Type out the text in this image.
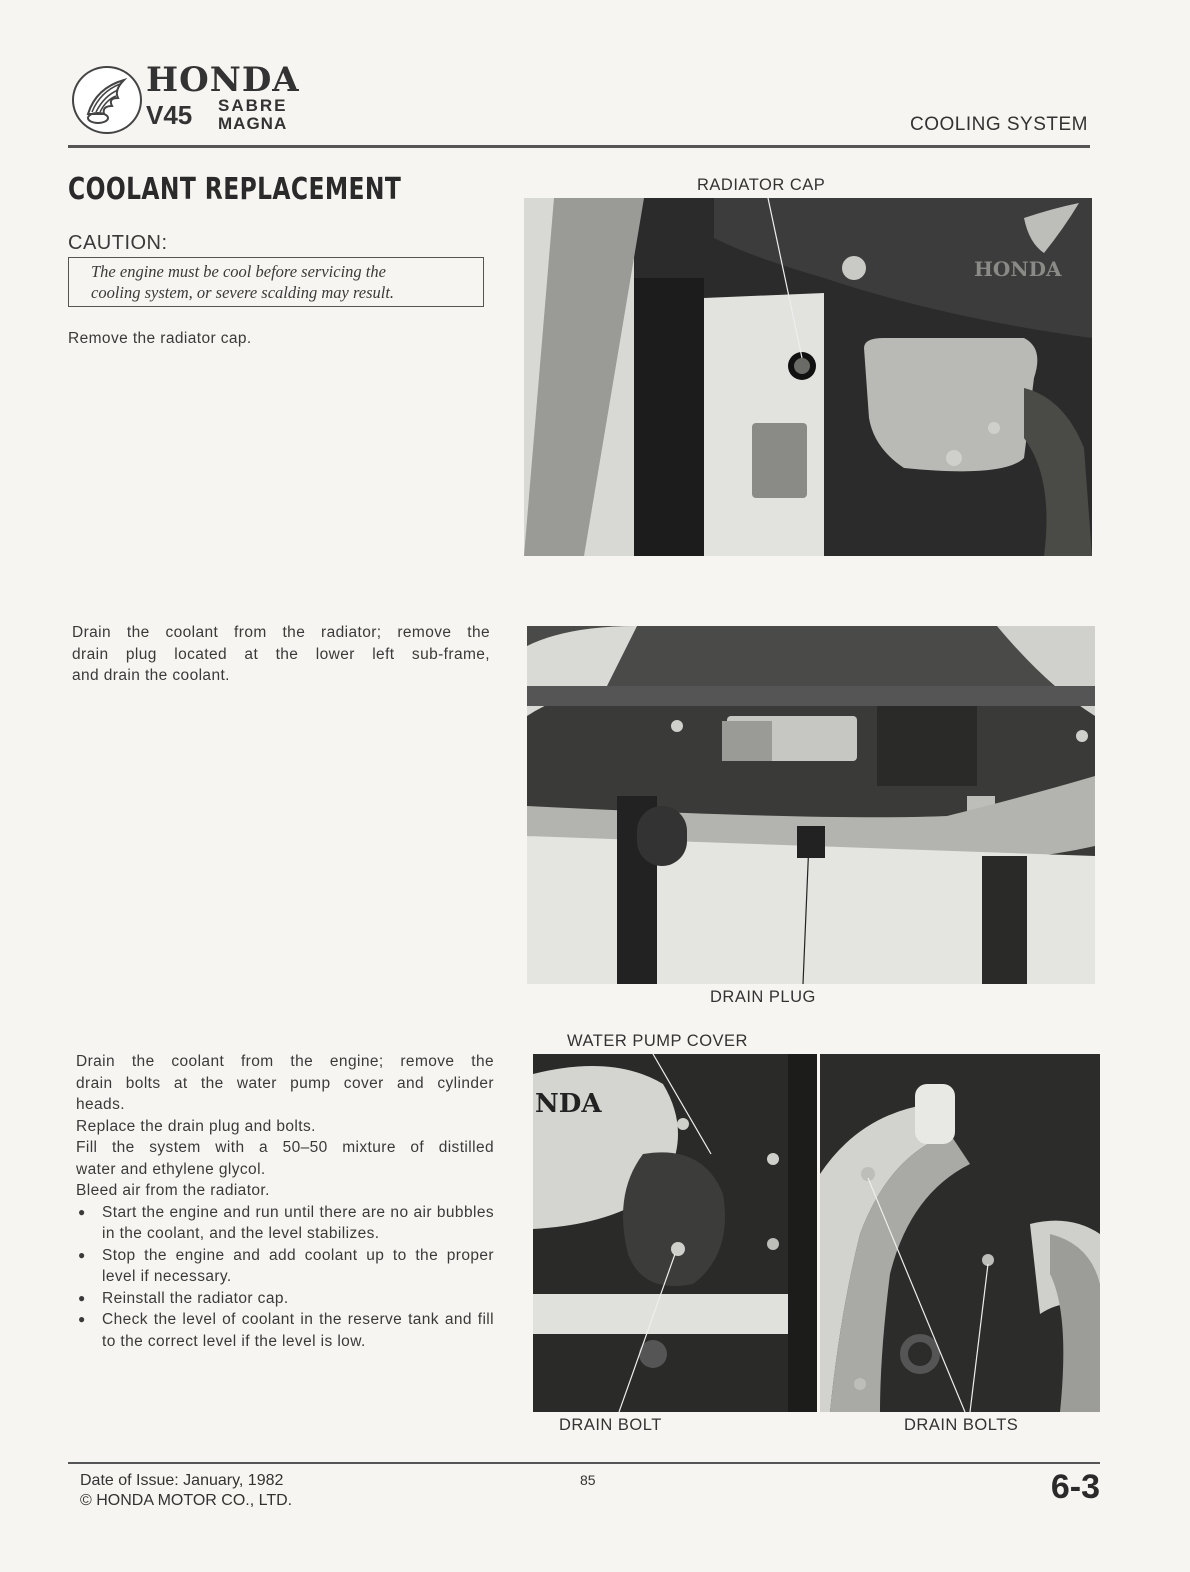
HONDA
V45 SABRE
MAGNA	COOLING SYSTEM
COOLANT REPLACEMENT
CAUTION:
The engine must be cool before servicing the
cooling system, or severe scalding may result.
Remove the radiator cap.
Drain the coolant from the radiator; remove the
drain plug located at the lower left sub-frame,
and drain the coolant.
Drain the coolant from the engine; remove the
drain bolts at the water pump cover and cylinder
heads.
Replace the drain plug and bolts.
Fill the system with a 50–50 mixture of distilled
water and ethylene glycol.
Bleed air from the radiator.
● Start the engine and run until there are no air bubbles in the coolant, and the level stabilizes.
● Stop the engine and add coolant up to the proper level if necessary.
● Reinstall the radiator cap.
● Check the level of coolant in the reserve tank and fill to the correct level if the level is low.
HONDA
RADIATOR CAP
DRAIN PLUG
NDA
WATER PUMP COVER
DRAIN BOLT	DRAIN BOLTS
Date of Issue: January, 1982
© HONDA MOTOR CO., LTD.
85	6-3
